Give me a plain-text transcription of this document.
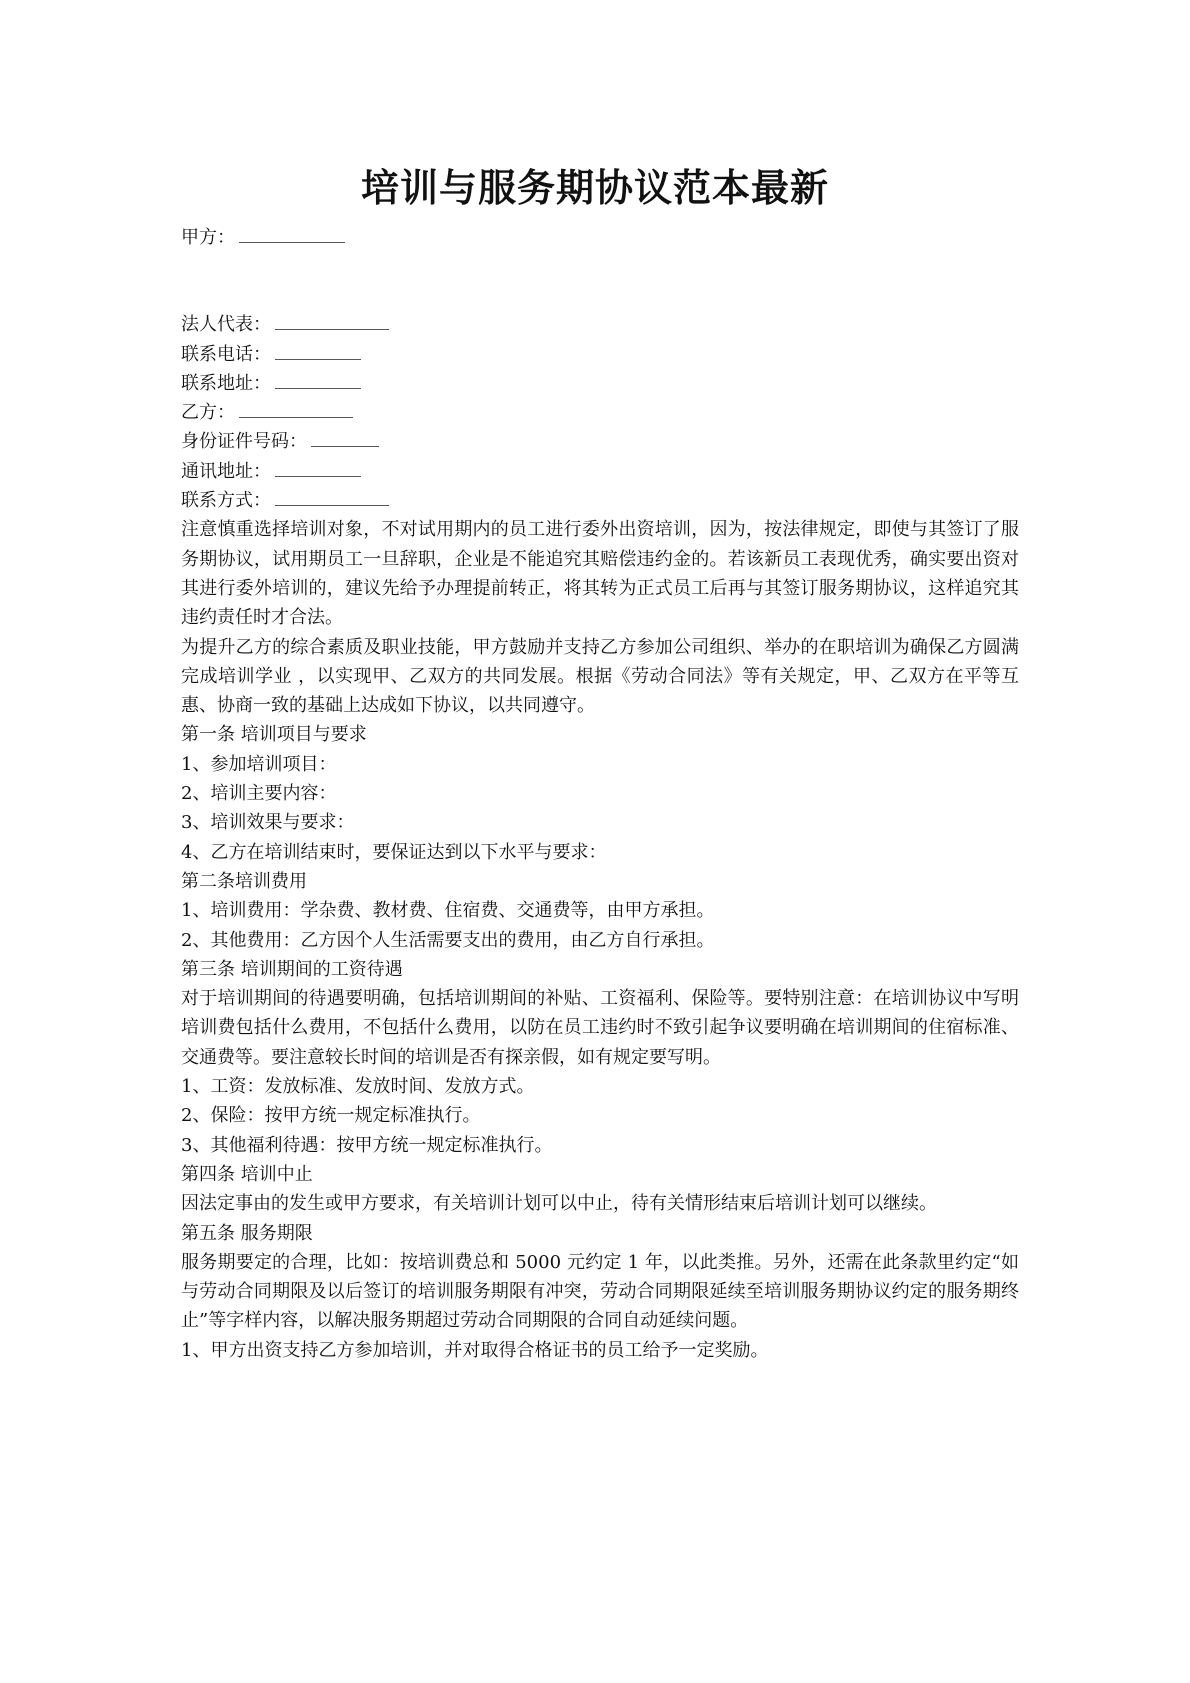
培训与服务期协议范本最新
甲方：
法人代表：
联系电话：
联系地址：
乙方：
身份证件号码：
通讯地址：
联系方式：
注意慎重选择培训对象，不对试用期内的员工进行委外出资培训，因为，按法律规定，即使与其签订了服务期协议，试用期员工一旦辞职，企业是不能追究其赔偿违约金的。若该新员工表现优秀，确实要出资对其进行委外培训的，建议先给予办理提前转正，将其转为正式员工后再与其签订服务期协议，这样追究其违约责任时才合法。
为提升乙方的综合素质及职业技能，甲方鼓励并支持乙方参加公司组织、举办的在职培训为确保乙方圆满完成培训学业 ，以实现甲、乙双方的共同发展。根据《劳动合同法》等有关规定，甲、乙双方在平等互惠、协商一致的基础上达成如下协议，以共同遵守。
第一条 培训项目与要求
1、参加培训项目：
2、培训主要内容：
3、培训效果与要求：
4、乙方在培训结束时，要保证达到以下水平与要求：
第二条培训费用
1、培训费用：学杂费、教材费、住宿费、交通费等，由甲方承担。
2、其他费用：乙方因个人生活需要支出的费用，由乙方自行承担。
第三条 培训期间的工资待遇
对于培训期间的待遇要明确，包括培训期间的补贴、工资福利、保险等。要特别注意：在培训协议中写明培训费包括什么费用，不包括什么费用，以防在员工违约时不致引起争议要明确在培训期间的住宿标准、交通费等。要注意较长时间的培训是否有探亲假，如有规定要写明。
1、工资：发放标准、发放时间、发放方式。
2、保险：按甲方统一规定标准执行。
3、其他福利待遇：按甲方统一规定标准执行。
第四条 培训中止
因法定事由的发生或甲方要求，有关培训计划可以中止，待有关情形结束后培训计划可以继续。
第五条 服务期限
服务期要定的合理，比如：按培训费总和 5000 元约定 1 年，以此类推。另外，还需在此条款里约定“如与劳动合同期限及以后签订的培训服务期限有冲突，劳动合同期限延续至培训服务期协议约定的服务期终止”等字样内容，以解决服务期超过劳动合同期限的合同自动延续问题。
1、甲方出资支持乙方参加培训，并对取得合格证书的员工给予一定奖励。
